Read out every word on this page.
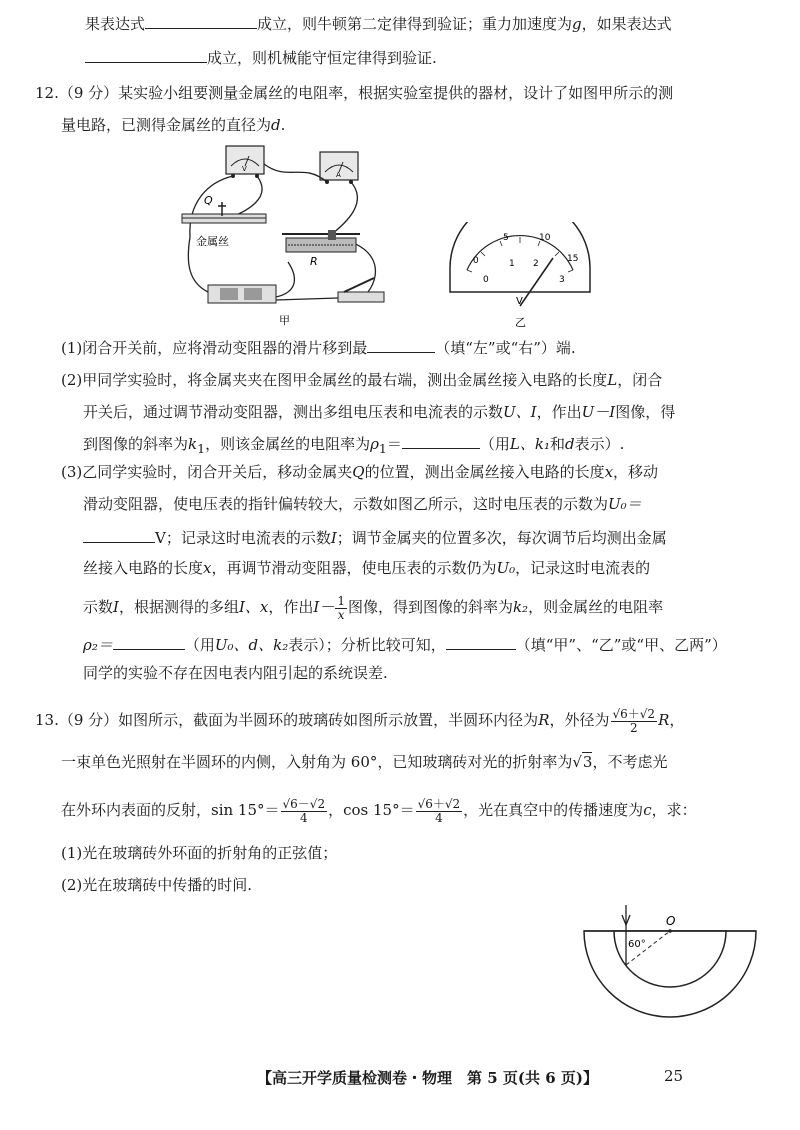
果表达式	成立，则牛顿第二定律得到验证；重力加速度为g，如果表达式
成立，则机械能守恒定律得到验证.
12.（9 分）某实验小组要测量金属丝的电阻率，根据实验室提供的器材，设计了如图甲所示的测
量电路，已测得金属丝的直径为d.
V
A
Q
金属丝
R
甲
0
5	10
15
0
1 2
3
V
乙
(1)闭合开关前，应将滑动变阻器的滑片移到最	（填“左”或“右”）端.
(2)甲同学实验时，将金属夹夹在图甲金属丝的最右端，测出金属丝接入电路的长度L，闭合
开关后，通过调节滑动变阻器，测出多组电压表和电流表的示数U、I，作出U－I图像，得
到图像的斜率为$k_1$，则该金属丝的电阻率为$\rho_1=$	（用L、k₁和d表示）.
(3)乙同学实验时，闭合开关后，移动金属夹Q的位置，测出金属丝接入电路的长度x，移动
滑动变阻器，使电压表的指针偏转较大，示数如图乙所示，这时电压表的示数为U₀＝
V；记录这时电流表的示数I；调节金属夹的位置多次，每次调节后均测出金属
丝接入电路的长度x，再调节滑动变阻器，使电压表的示数仍为U₀，记录这时电流表的
示数I，根据测得的多组I、x，作出$I- \frac{1}{x}$ 图像，得到图像的斜率为k₂，则金属丝的电阻率
ρ₂＝	（用U₀、d、k₂表示）；分析比较可知，	（填“甲”、“乙”或“甲、乙两”）
同学的实验不存在因电表内阻引起的系统误差.
13.（9 分）如图所示，截面为半圆环的玻璃砖如图所示放置，半圆环内径为R，外径为 $\frac{√6+√2}{2}$ R，
一束单色光照射在半圆环的内侧，入射角为 60°，已知玻璃砖对光的折射率为√3，不考虑光
在外环内表面的反射，$\sin 15^\circ= \frac{√6-√2}{4}$ ，$\cos 15^\circ= \frac{√6+√2}{4}$ ，光在真空中的传播速度为c，求：
(1)光在玻璃砖外环面的折射角的正弦值；
(2)光在玻璃砖中传播的时间.
O
60°
【高三开学质量检测卷・物理　第 5 页(共 6 页)】	25
